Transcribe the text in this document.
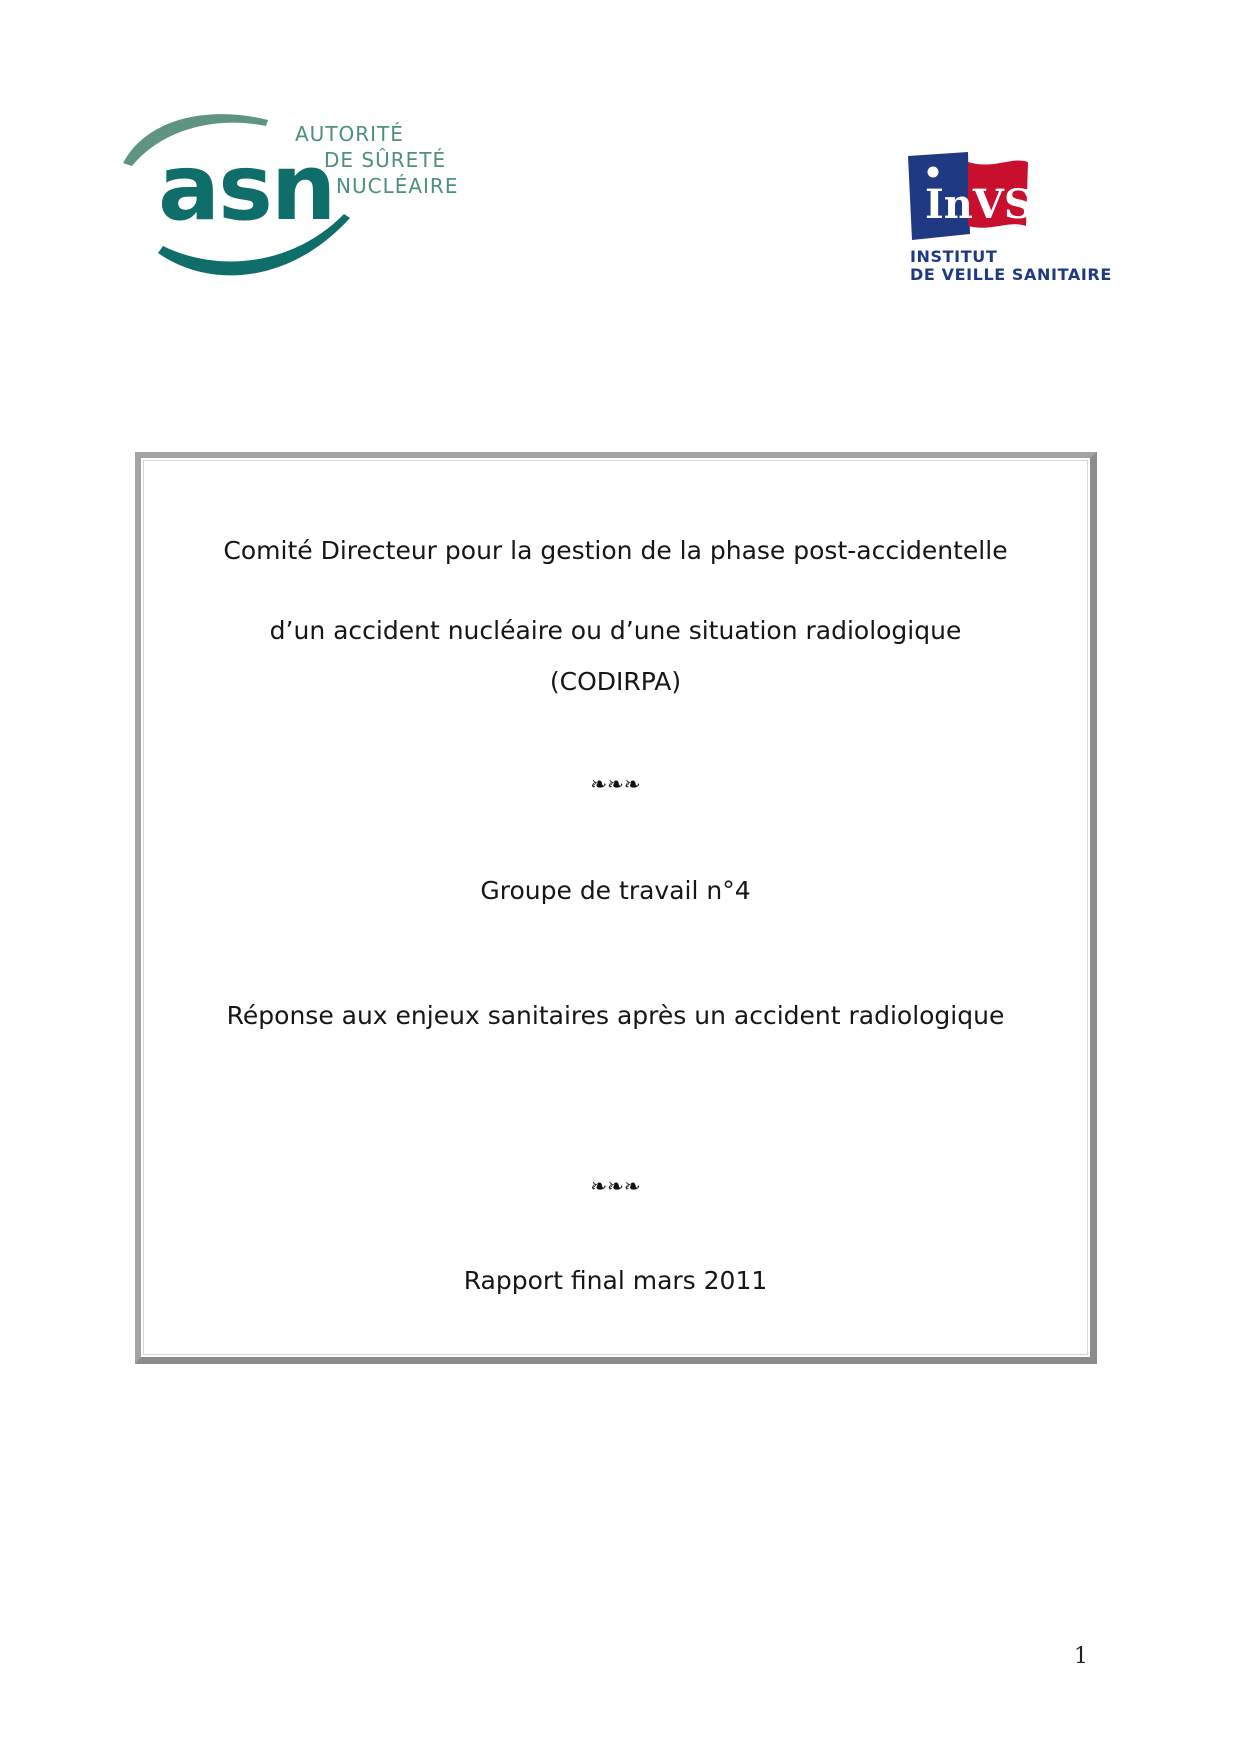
asn
AUTORITÉ
DE SÛRETÉ
NUCLÉAIRE	InVS
INSTITUT
DE VEILLE SANITAIRE
Comité Directeur pour la gestion de la phase post-accidentelle
d’un accident nucléaire ou d’une situation radiologique
(CODIRPA)
❧❧❧
Groupe de travail n°4
Réponse aux enjeux sanitaires après un accident radiologique
❧❧❧
Rapport final mars 2011
1
